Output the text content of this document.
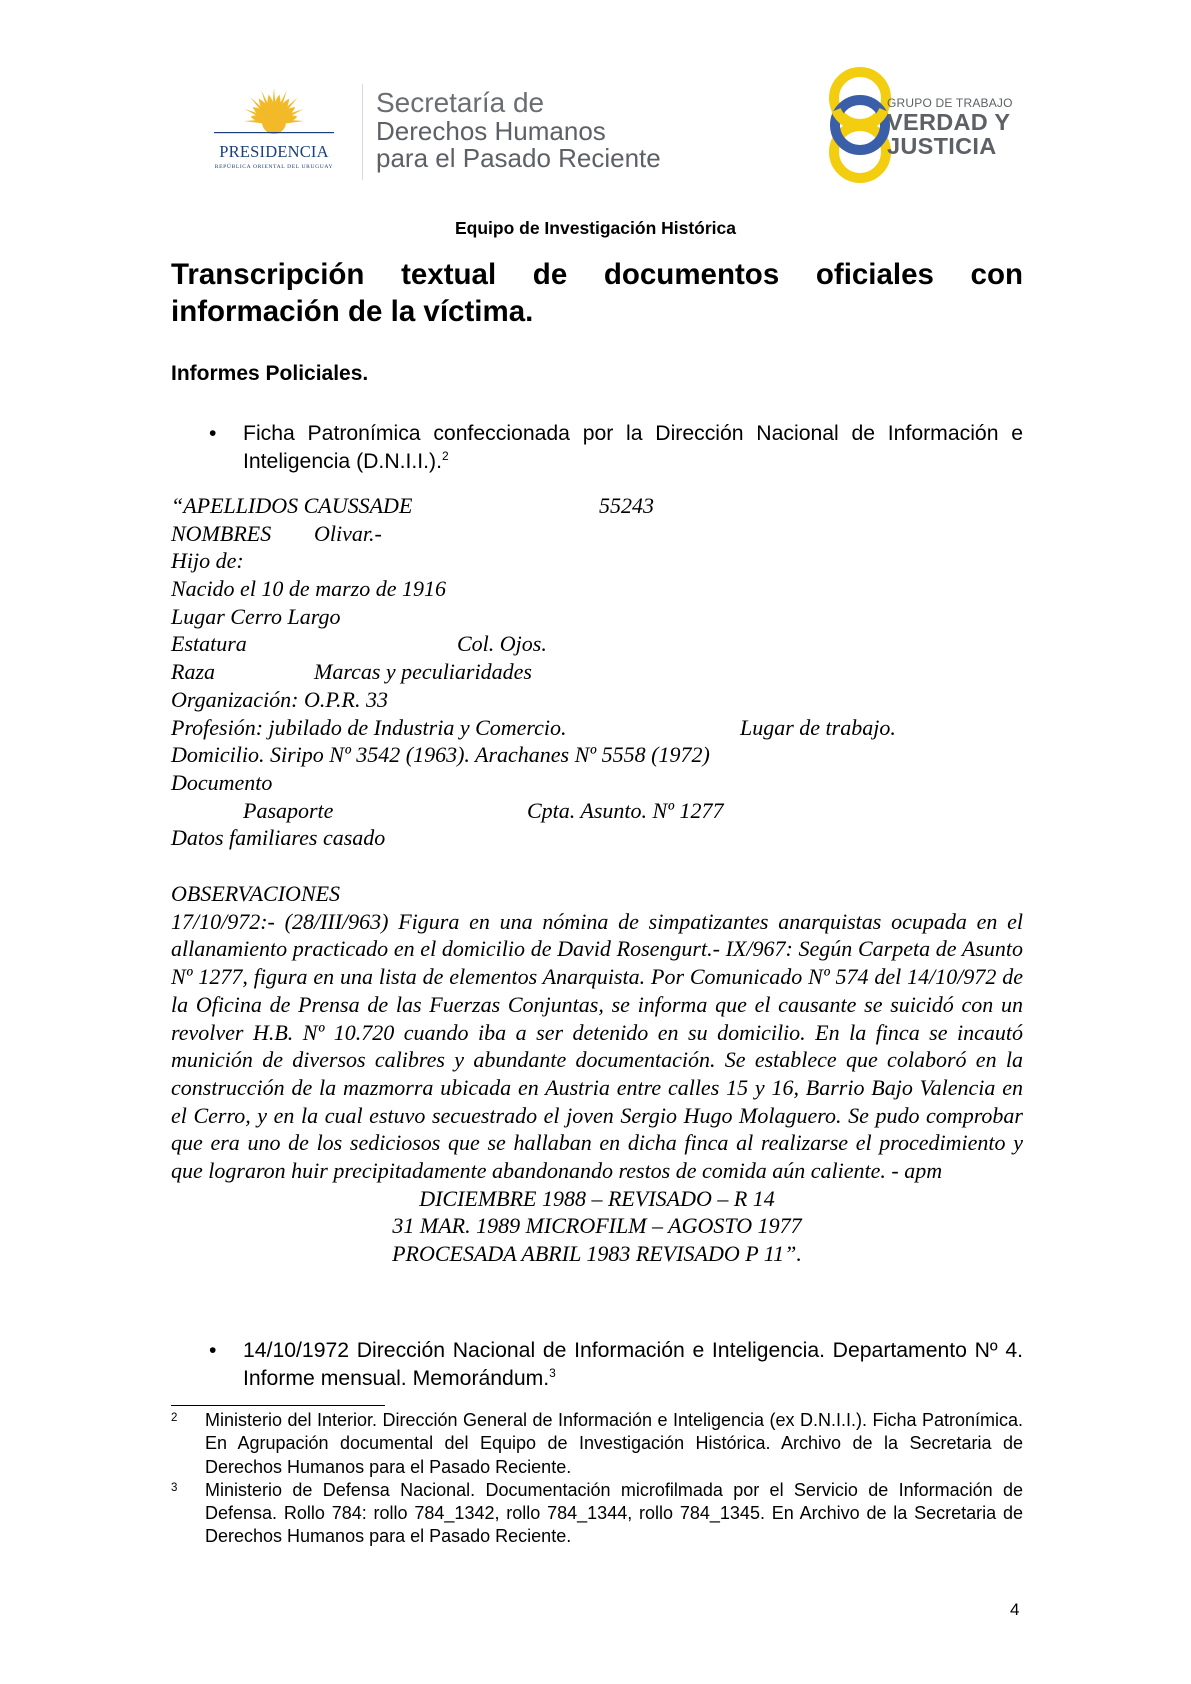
PRESIDENCIA
REPÚBLICA ORIENTAL DEL URUGUAY
Secretaría de
Derechos Humanos
para el Pasado Reciente
GRUPO DE TRABAJO
VERDAD Y
JUSTICIA
Equipo de Investigación Histórica
Transcripción textual de documentos oficiales con información de la víctima.
Informes Policiales.
• Ficha Patronímica confeccionada por la Dirección Nacional de Información e Inteligencia (D.N.I.I.).$^2$
“APELLIDOS CAUSSADE	55243
NOMBRES Olivar.-
Hijo de:
Nacido el 10 de marzo de 1916
Lugar Cerro Largo
Estatura	Col. Ojos.
Raza	Marcas y peculiaridades
Organización: O.P.R. 33
Profesión: jubilado de Industria y Comercio.	Lugar de trabajo.
Domicilio. Siripo Nº 3542 (1963). Arachanes Nº 5558 (1972)
Documento
Pasaporte	Cpta. Asunto. Nº 1277
Datos familiares casado
OBSERVACIONES
17/10/972:- (28/III/963) Figura en una nómina de simpatizantes anarquistas ocupada en el allanamiento practicado en el domicilio de David Rosengurt.- IX/967: Según Carpeta de Asunto Nº 1277, figura en una lista de elementos Anarquista. Por Comunicado Nº 574 del 14/10/972 de la Oficina de Prensa de las Fuerzas Conjuntas, se informa que el causante se suicidó con un revolver H.B. Nº 10.720 cuando iba a ser detenido en su domicilio. En la finca se incautó munición de diversos calibres y abundante documentación. Se establece que colaboró en la construcción de la mazmorra ubicada en Austria entre calles 15 y 16, Barrio Bajo Valencia en el Cerro, y en la cual estuvo secuestrado el joven Sergio Hugo Molaguero. Se pudo comprobar que era uno de los sediciosos que se hallaban en dicha finca al realizarse el procedimiento y que lograron huir precipitadamente abandonando restos de comida aún caliente. - apm
DICIEMBRE 1988 – REVISADO – R 14
31 MAR. 1989 MICROFILM – AGOSTO 1977
PROCESADA ABRIL 1983 REVISADO P 11”.
• 14/10/1972 Dirección Nacional de Información e Inteligencia. Departamento Nº 4. Informe mensual. Memorándum.$^3$
2 Ministerio del Interior. Dirección General de Información e Inteligencia (ex D.N.I.I.). Ficha Patronímica. En Agrupación documental del Equipo de Investigación Histórica. Archivo de la Secretaria de Derechos Humanos para el Pasado Reciente.
3 Ministerio de Defensa Nacional. Documentación microfilmada por el Servicio de Información de Defensa. Rollo 784: rollo 784_1342, rollo 784_1344, rollo 784_1345. En Archivo de la Secretaria de Derechos Humanos para el Pasado Reciente.
4
